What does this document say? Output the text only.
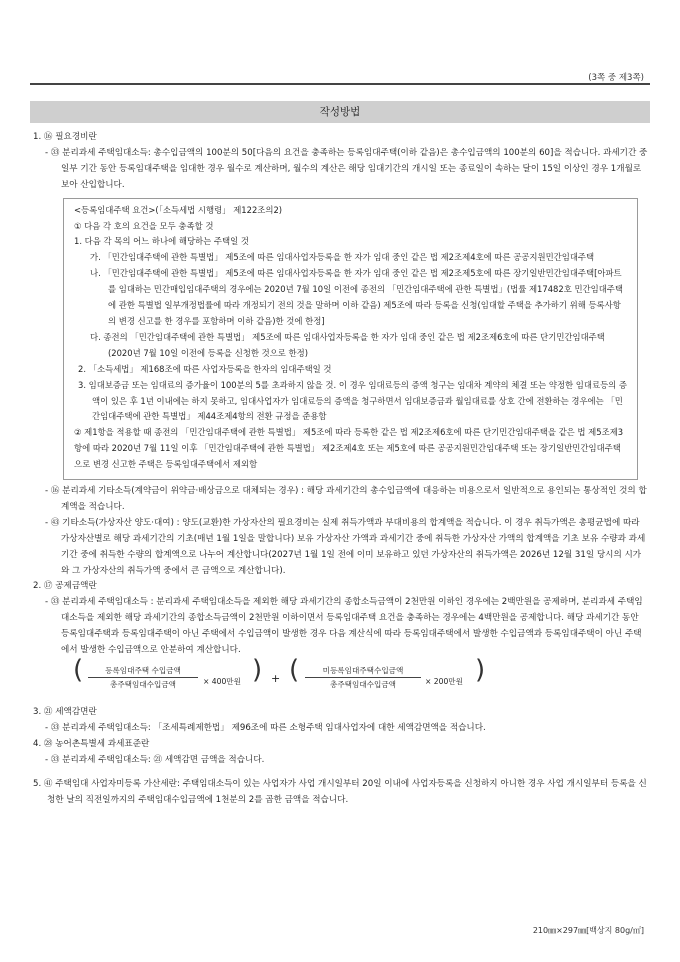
(3쪽 중 제3쪽)
작성방법

1. ⑯ 필요경비란

- ㉝ 분리과세 주택임대소득: 총수입금액의 100분의 50[다음의 요건을 충족하는 등록임대주택(이하 같음)은 총수입금액의 100분의 60]을 적습니다. 과세기간 중 일부 기간 동안 등록임대주택을 임대한 경우 월수로 계산하며, 월수의 계산은 해당 임대기간의 개시일 또는 종료일이 속하는 달이 15일 이상인 경우 1개월로 보아 산입합니다.

<등록임대주택 요건>(「소득세법 시행령」 제122조의2)

① 다음 각 호의 요건을 모두 충족할 것

1. 다음 각 목의 어느 하나에 해당하는 주택일 것

가. 「민간임대주택에 관한 특별법」 제5조에 따른 임대사업자등록을 한 자가 임대 중인 같은 법 제2조제4호에 따른 공공지원민간임대주택

나. 「민간임대주택에 관한 특별법」 제5조에 따른 임대사업자등록을 한 자가 임대 중인 같은 법 제2조제5호에 따른 장기일반민간임대주택[아파트를 임대하는 민간매입임대주택의 경우에는 2020년 7월 10일 이전에 종전의 「민간임대주택에 관한 특별법」(법률 제17482호 민간임대주택에 관한 특별법 일부개정법률에 따라 개정되기 전의 것을 말하며 이하 같음) 제5조에 따라 등록을 신청(임대할 주택을 추가하기 위해 등록사항의 변경 신고를 한 경우를 포함하며 이하 같음)한 것에 한정]

다. 종전의 「민간임대주택에 관한 특별법」 제5조에 따른 임대사업자등록을 한 자가 임대 중인 같은 법 제2조제6호에 따른 단기민간임대주택(2020년 7월 10일 이전에 등록을 신청한 것으로 한정)

2. 「소득세법」 제168조에 따른 사업자등록을 한자의 임대주택일 것

3. 임대보증금 또는 임대료의 증가율이 100분의 5를 초과하지 않을 것. 이 경우 임대료등의 증액 청구는 임대차 계약의 체결 또는 약정한 임대료등의 증액이 있은 후 1년 이내에는 하지 못하고, 임대사업자가 임대료등의 증액을 청구하면서 임대보증금과 월임대료를 상호 간에 전환하는 경우에는 「민간임대주택에 관한 특별법」 제44조제4항의 전환 규정을 준용함

② 제1항을 적용할 때 종전의 「민간임대주택에 관한 특별법」 제5조에 따라 등록한 같은 법 제2조제6호에 따른 단기민간임대주택을 같은 법 제5조제3항에 따라 2020년 7월 11일 이후 「민간임대주택에 관한 특별법」 제2조제4호 또는 제5호에 따른 공공지원민간임대주택 또는 장기일반민간임대주택으로 변경 신고한 주택은 등록임대주택에서 제외함

- ⑯ 분리과세 기타소득(계약금이 위약금·배상금으로 대체되는 경우) : 해당 과세기간의 총수입금액에 대응하는 비용으로서 일반적으로 용인되는 통상적인 것의 합계액을 적습니다.

- ㊸ 기타소득(가상자산 양도·대여) : 양도(교환)한 가상자산의 필요경비는 실제 취득가액과 부대비용의 합계액을 적습니다. 이 경우 취득가액은 총평균법에 따라 가상자산별로 해당 과세기간의 기초(매년 1월 1일을 말합니다) 보유 가상자산 가액과 과세기간 중에 취득한 가상자산 가액의 합계액을 기초 보유 수량과 과세기간 중에 취득한 수량의 합계액으로 나누어 계산합니다(2027년 1월 1일 전에 이미 보유하고 있던 가상자산의 취득가액은 2026년 12월 31일 당시의 시가와 그 가상자산의 취득가액 중에서 큰 금액으로 계산합니다).

2. ⑰ 공제금액란

- ㉝ 분리과세 주택임대소득 : 분리과세 주택임대소득을 제외한 해당 과세기간의 종합소득금액이 2천만원 이하인 경우에는 2백만원을 공제하며, 분리과세 주택임대소득을 제외한 해당 과세기간의 종합소득금액이 2천만원 이하이면서 등록임대주택 요건을 충족하는 경우에는 4백만원을 공제합니다. 해당 과세기간 동안 등록임대주택과 등록임대주택이 아닌 주택에서 수입금액이 발생한 경우 다음 계산식에 따라 등록임대주택에서 발생한 수입금액과 등록임대주택이 아닌 주택에서 발생한 수입금액으로 안분하여 계산합니다.

(	등록임대주택 수입금액
총주택임대수입금액	× 400만원 ) + (	미등록임대주택수입금액
총주택임대수입금액	× 200만원 )

3. ㉑ 세액감면란

- ㉝ 분리과세 주택임대소득: 「조세특례제한법」 제96조에 따른 소형주택 임대사업자에 대한 세액감면액을 적습니다.

4. ㉘ 농어촌특별세 과세표준란

- ㉝ 분리과세 주택임대소득: ㉑ 세액감면 금액을 적습니다.

5. ㊶ 주택임대 사업자미등록 가산세란: 주택임대소득이 있는 사업자가 사업 개시일부터 20일 이내에 사업자등록을 신청하지 아니한 경우 사업 개시일부터 등록을 신청한 날의 직전일까지의 주택임대수입금액에 1천분의 2를 곱한 금액을 적습니다.

210㎜×297㎜[백상지 80g/㎡]
